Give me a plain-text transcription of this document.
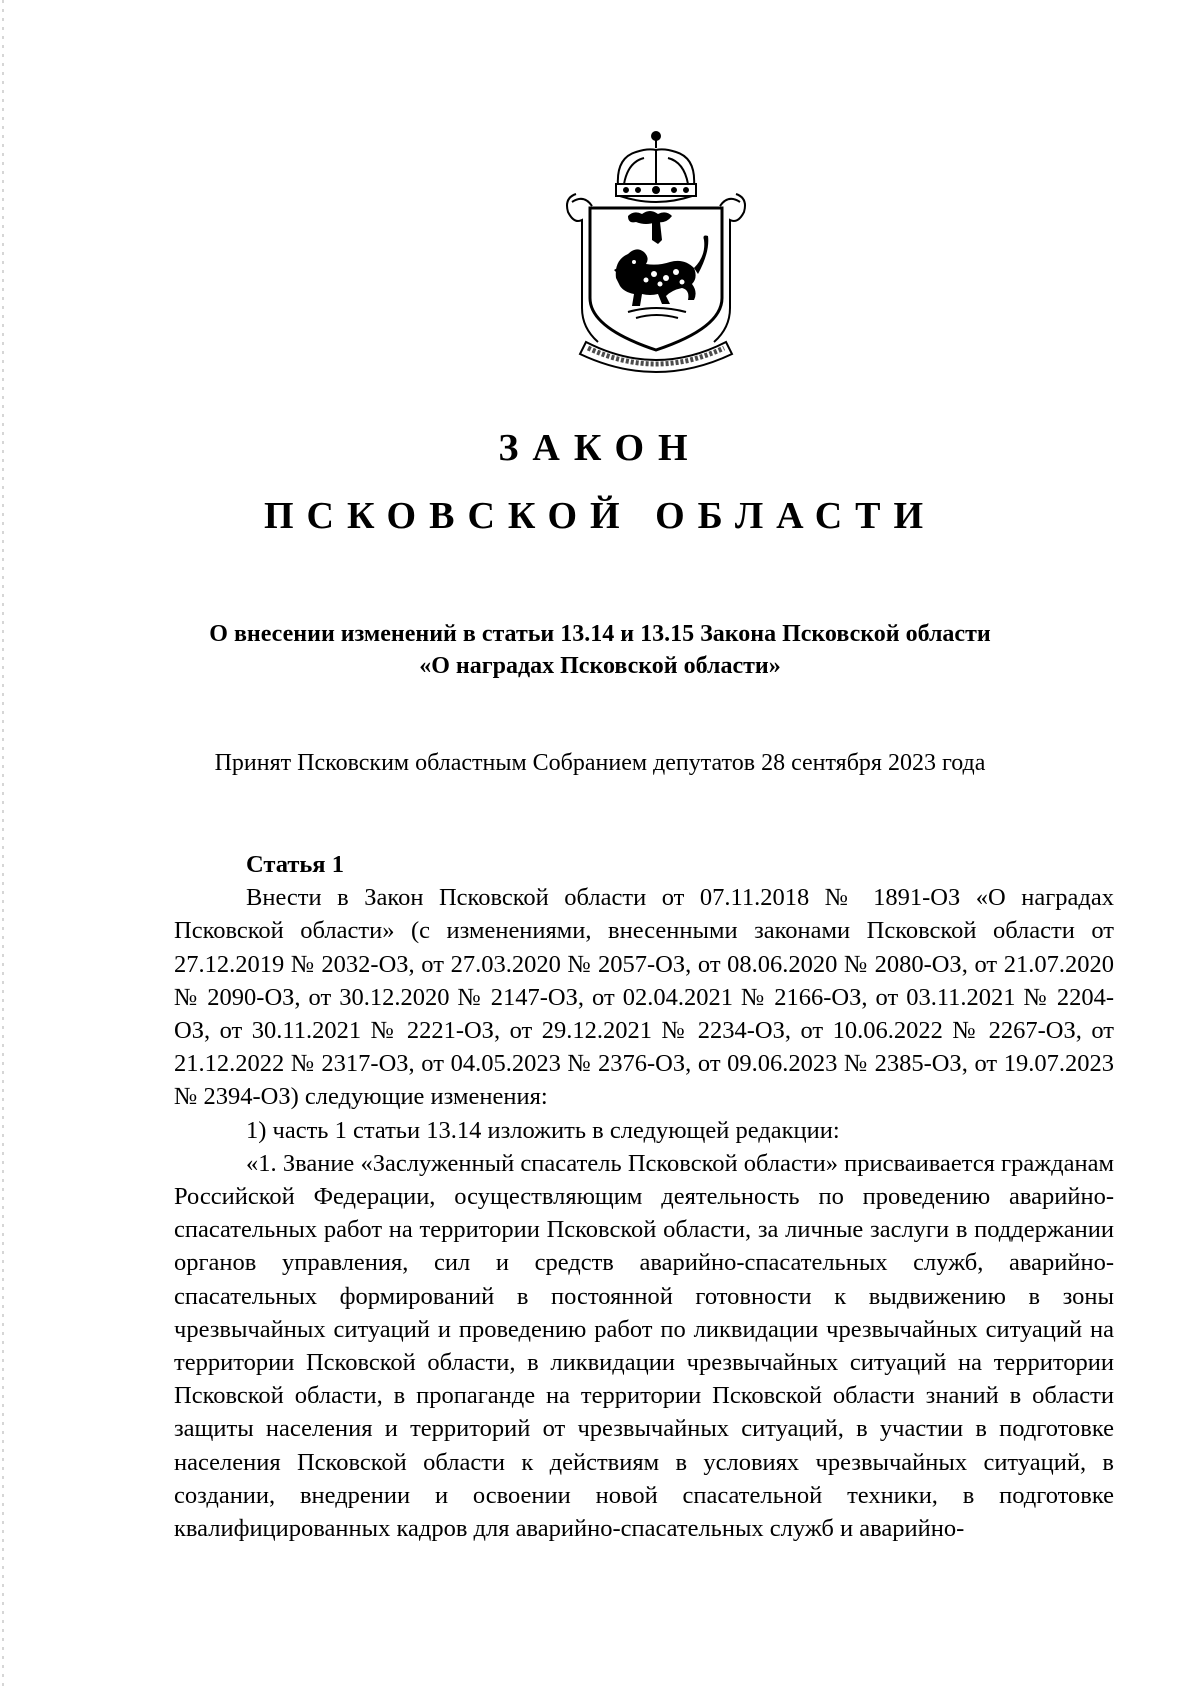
ЗАКОН
ПСКОВСКОЙ ОБЛАСТИ

О внесении изменений в статьи 13.14 и 13.15 Закона Псковской области
«О наградах Псковской области»

Принят Псковским областным Собранием депутатов 28 сентября 2023 года

Статья 1

Внести в Закон Псковской области от 07.11.2018 № 1891-ОЗ «О наградах Псковской области» (с изменениями, внесенными законами Псковской области от 27.12.2019 № 2032-ОЗ, от 27.03.2020 № 2057-ОЗ, от 08.06.2020 № 2080-ОЗ, от 21.07.2020 № 2090-ОЗ, от 30.12.2020 № 2147-ОЗ, от 02.04.2021 № 2166-ОЗ, от 03.11.2021 № 2204-ОЗ, от 30.11.2021 № 2221-ОЗ, от 29.12.2021 № 2234-ОЗ, от 10.06.2022 № 2267-ОЗ, от 21.12.2022 № 2317-ОЗ, от 04.05.2023 № 2376-ОЗ, от 09.06.2023 № 2385-ОЗ, от 19.07.2023 № 2394-ОЗ) следующие изменения:

1) часть 1 статьи 13.14 изложить в следующей редакции:

«1. Звание «Заслуженный спасатель Псковской области» присваивается гражданам Российской Федерации, осуществляющим деятельность по проведению аварийно-спасательных работ на территории Псковской области, за личные заслуги в поддержании органов управления, сил и средств аварийно-спасательных служб, аварийно-спасательных формирований в постоянной готовности к выдвижению в зоны чрезвычайных ситуаций и проведению работ по ликвидации чрезвычайных ситуаций на территории Псковской области, в ликвидации чрезвычайных ситуаций на территории Псковской области, в пропаганде на территории Псковской области знаний в области защиты населения и территорий от чрезвычайных ситуаций, в участии в подготовке населения Псковской области к действиям в условиях чрезвычайных ситуаций, в создании, внедрении и освоении новой спасательной техники, в подготовке квалифицированных кадров для аварийно-спасательных служб и аварийно-
